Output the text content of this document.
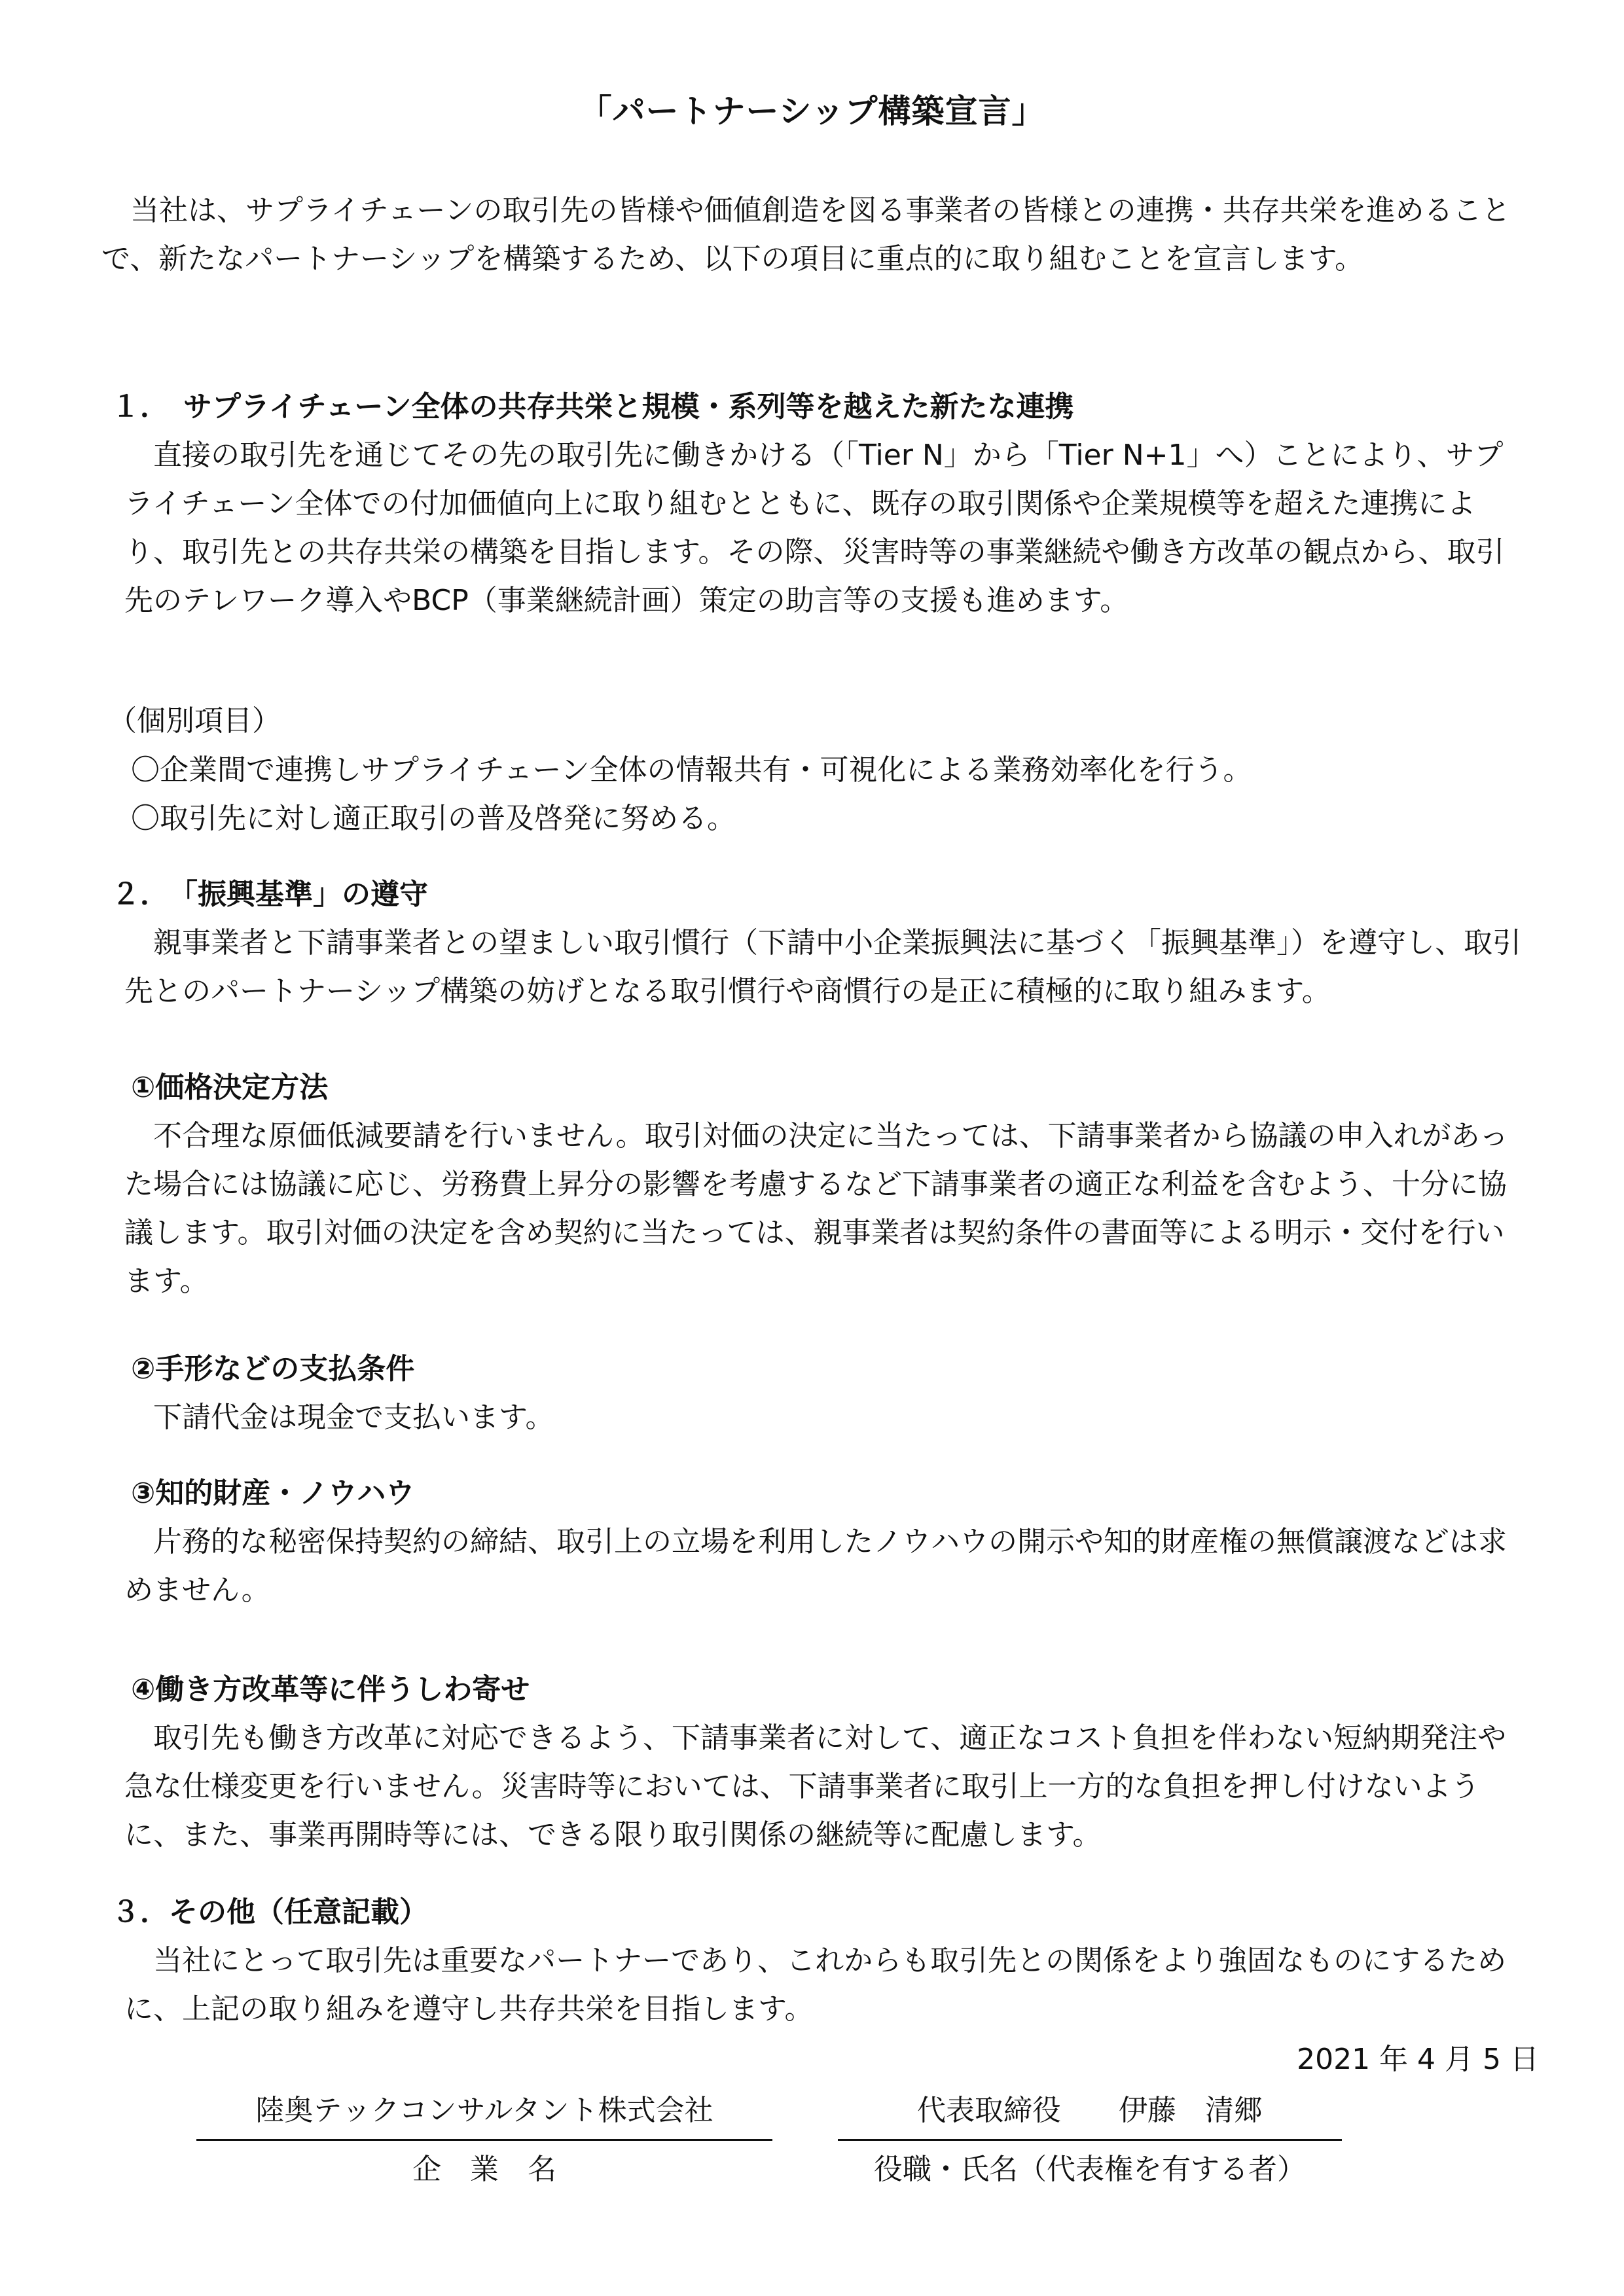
「パートナーシップ構築宣言」
　当社は、サプライチェーンの取引先の皆様や価値創造を図る事業者の皆様との連携・共存共栄を進めることで、新たなパートナーシップを構築するため、以下の項目に重点的に取り組むことを宣言します。
１．　サプライチェーン全体の共存共栄と規模・系列等を越えた新たな連携
　直接の取引先を通じてその先の取引先に働きかける（「Tier N」から「Tier N+1」へ）ことにより、サプライチェーン全体での付加価値向上に取り組むとともに、既存の取引関係や企業規模等を超えた連携により、取引先との共存共栄の構築を目指します。その際、災害時等の事業継続や働き方改革の観点から、取引先のテレワーク導入やBCP（事業継続計画）策定の助言等の支援も進めます。
（個別項目）
〇企業間で連携しサプライチェーン全体の情報共有・可視化による業務効率化を行う。
〇取引先に対し適正取引の普及啓発に努める。
２．　「振興基準」の遵守
　親事業者と下請事業者との望ましい取引慣行（下請中小企業振興法に基づく「振興基準」）を遵守し、取引先とのパートナーシップ構築の妨げとなる取引慣行や商慣行の是正に積極的に取り組みます。
①価格決定方法
　不合理な原価低減要請を行いません。取引対価の決定に当たっては、下請事業者から協議の申入れがあった場合には協議に応じ、労務費上昇分の影響を考慮するなど下請事業者の適正な利益を含むよう、十分に協議します。取引対価の決定を含め契約に当たっては、親事業者は契約条件の書面等による明示・交付を行います。
②手形などの支払条件
　下請代金は現金で支払います。
③知的財産・ノウハウ
　片務的な秘密保持契約の締結、取引上の立場を利用したノウハウの開示や知的財産権の無償譲渡などは求めません。
④働き方改革等に伴うしわ寄せ
　取引先も働き方改革に対応できるよう、下請事業者に対して、適正なコスト負担を伴わない短納期発注や急な仕様変更を行いません。災害時等においては、下請事業者に取引上一方的な負担を押し付けないように、また、事業再開時等には、できる限り取引関係の継続等に配慮します。
３．その他（任意記載）
　当社にとって取引先は重要なパートナーであり、これからも取引先との関係をより強固なものにするために、上記の取り組みを遵守し共存共栄を目指します。
2021 年 4 月 5 日
陸奥テックコンサルタント株式会社
企　業　名
代表取締役　　伊藤　清郷
役職・氏名（代表権を有する者）
